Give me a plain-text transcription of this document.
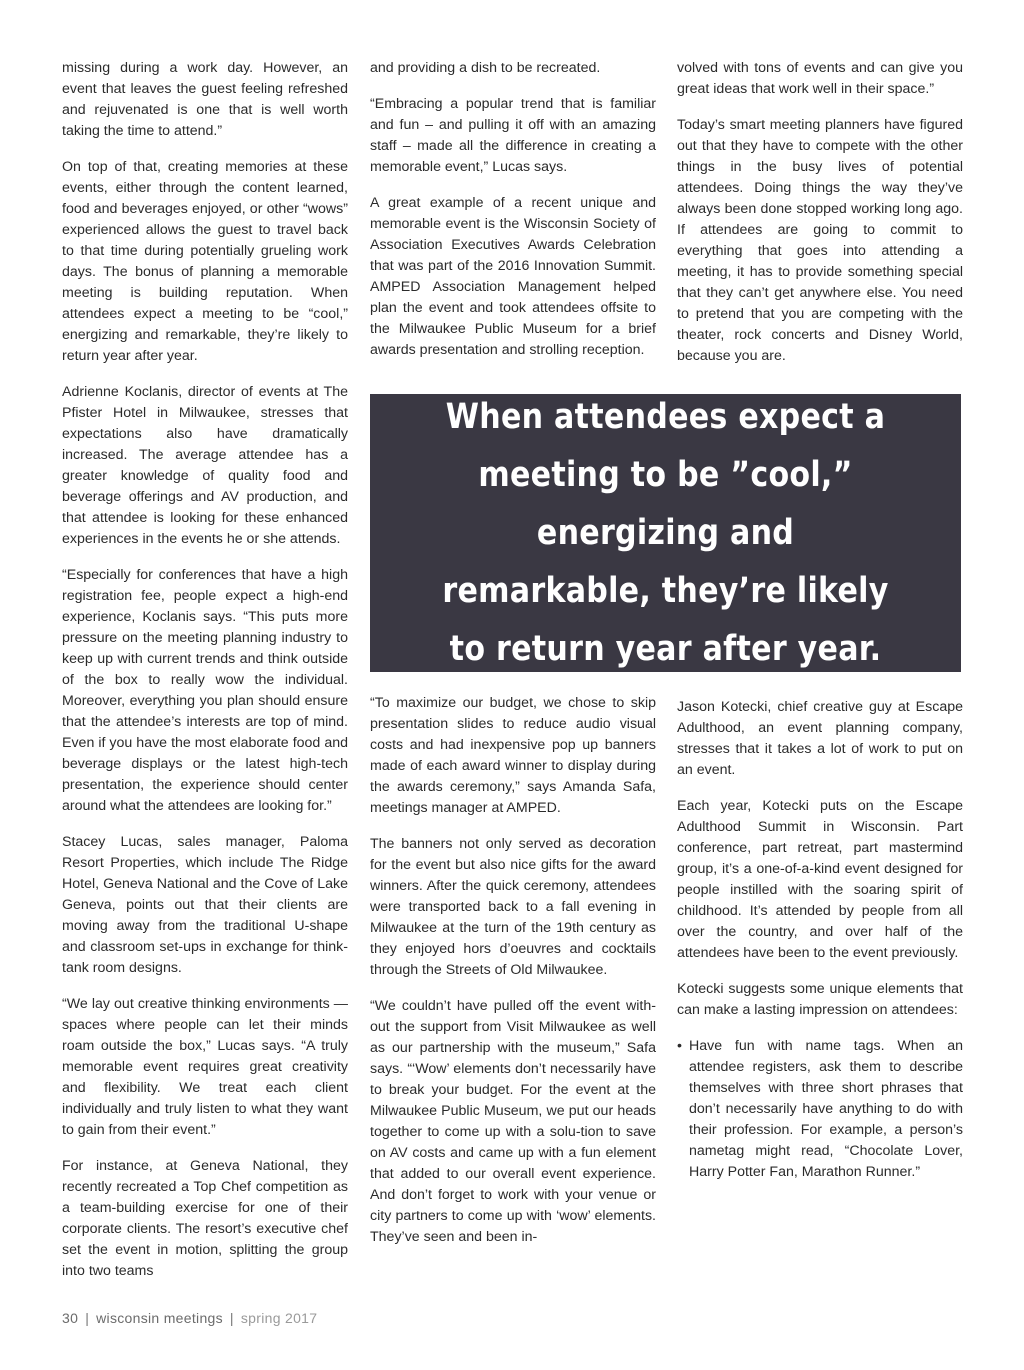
missing during a work day. However, an event that leaves the guest feeling refreshed and rejuvenated is one that is well worth taking the time to attend.”

On top of that, creating memories at these events, either through the content learned, food and beverages enjoyed, or other “wows” experienced allows the guest to travel back to that time during potentially grueling work days. The bonus of planning a memorable meeting is building reputation. When attendees expect a meeting to be “cool,” energizing and remarkable, they’re likely to return year after year.

Adrienne Koclanis, director of events at The Pfister Hotel in Milwaukee, stresses that expectations also have dramatically increased. The average attendee has a greater knowledge of quality food and beverage offerings and AV production, and that attendee is looking for these enhanced experiences in the events he or she attends.

“Especially for conferences that have a high registration fee, people expect a high-end experience, Koclanis says. “This puts more pressure on the meeting planning industry to keep up with current trends and think outside of the box to really wow the individual. Moreover, everything you plan should ensure that the attendee’s interests are top of mind. Even if you have the most elaborate food and beverage displays or the latest high-tech presentation, the experience should center around what the attendees are looking for.”

Stacey Lucas, sales manager, Paloma Resort Properties, which include The Ridge Hotel, Geneva National and the Cove of Lake Geneva, points out that their clients are moving away from the traditional U-shape and classroom set-ups in exchange for think-tank room designs.

“We lay out creative thinking environments — spaces where people can let their minds roam outside the box,” Lucas says. “A truly memorable event requires great creativity and flexibility. We treat each client individually and truly listen to what they want to gain from their event.”

For instance, at Geneva National, they recently recreated a Top Chef competition as a team-building exercise for one of their corporate clients. The resort’s executive chef set the event in motion, splitting the group into two teams

and providing a dish to be recreated.

“Embracing a popular trend that is familiar and fun – and pulling it off with an amazing staff – made all the difference in creating a memorable event,” Lucas says.

A great example of a recent unique and memorable event is the Wisconsin Society of Association Executives Awards Celebration that was part of the 2016 Innovation Summit. AMPED Association Management helped plan the event and took attendees offsite to the Milwaukee Public Museum for a brief awards presentation and strolling reception.

volved with tons of events and can give you great ideas that work well in their space.”

Today’s smart meeting planners have figured out that they have to compete with the other things in the busy lives of potential attendees. Doing things the way they’ve always been done stopped working long ago. If attendees are going to commit to everything that goes into attending a meeting, it has to provide something special that they can’t get anywhere else. You need to pretend that you are competing with the theater, rock concerts and Disney World, because you are.

When attendees expect a meeting to be ”cool,” energizing and remarkable, they’re likely to return year after year.

“To maximize our budget, we chose to skip presentation slides to reduce audio visual costs and had inexpensive pop up banners made of each award winner to display during the awards ceremony,” says Amanda Safa, meetings manager at AMPED.

The banners not only served as decoration for the event but also nice gifts for the award winners. After the quick ceremony, attendees were transported back to a fall evening in Milwaukee at the turn of the 19th century as they enjoyed hors d’oeuvres and cocktails through the Streets of Old Milwaukee.

“We couldn’t have pulled off the event with-out the support from Visit Milwaukee as well as our partnership with the museum,” Safa says. “‘Wow’ elements don’t necessarily have to break your budget. For the event at the Milwaukee Public Museum, we put our heads together to come up with a solu-tion to save on AV costs and came up with a fun element that added to our overall event experience. And don’t forget to work with your venue or city partners to come up with ‘wow’ elements. They’ve seen and been in-

Jason Kotecki, chief creative guy at Escape Adulthood, an event planning company, stresses that it takes a lot of work to put on an event.

Each year, Kotecki puts on the Escape Adulthood Summit in Wisconsin. Part conference, part retreat, part mastermind group, it’s a one-of-a-kind event designed for people instilled with the soaring spirit of childhood. It’s attended by people from all over the country, and over half of the attendees have been to the event previously.

Kotecki suggests some unique elements that can make a lasting impression on attendees:

• Have fun with name tags. When an attendee registers, ask them to describe themselves with three short phrases that don’t necessarily have anything to do with their profession. For example, a person’s nametag might read, “Chocolate Lover, Harry Potter Fan, Marathon Runner.”
30 | wisconsin meetings | spring 2017
